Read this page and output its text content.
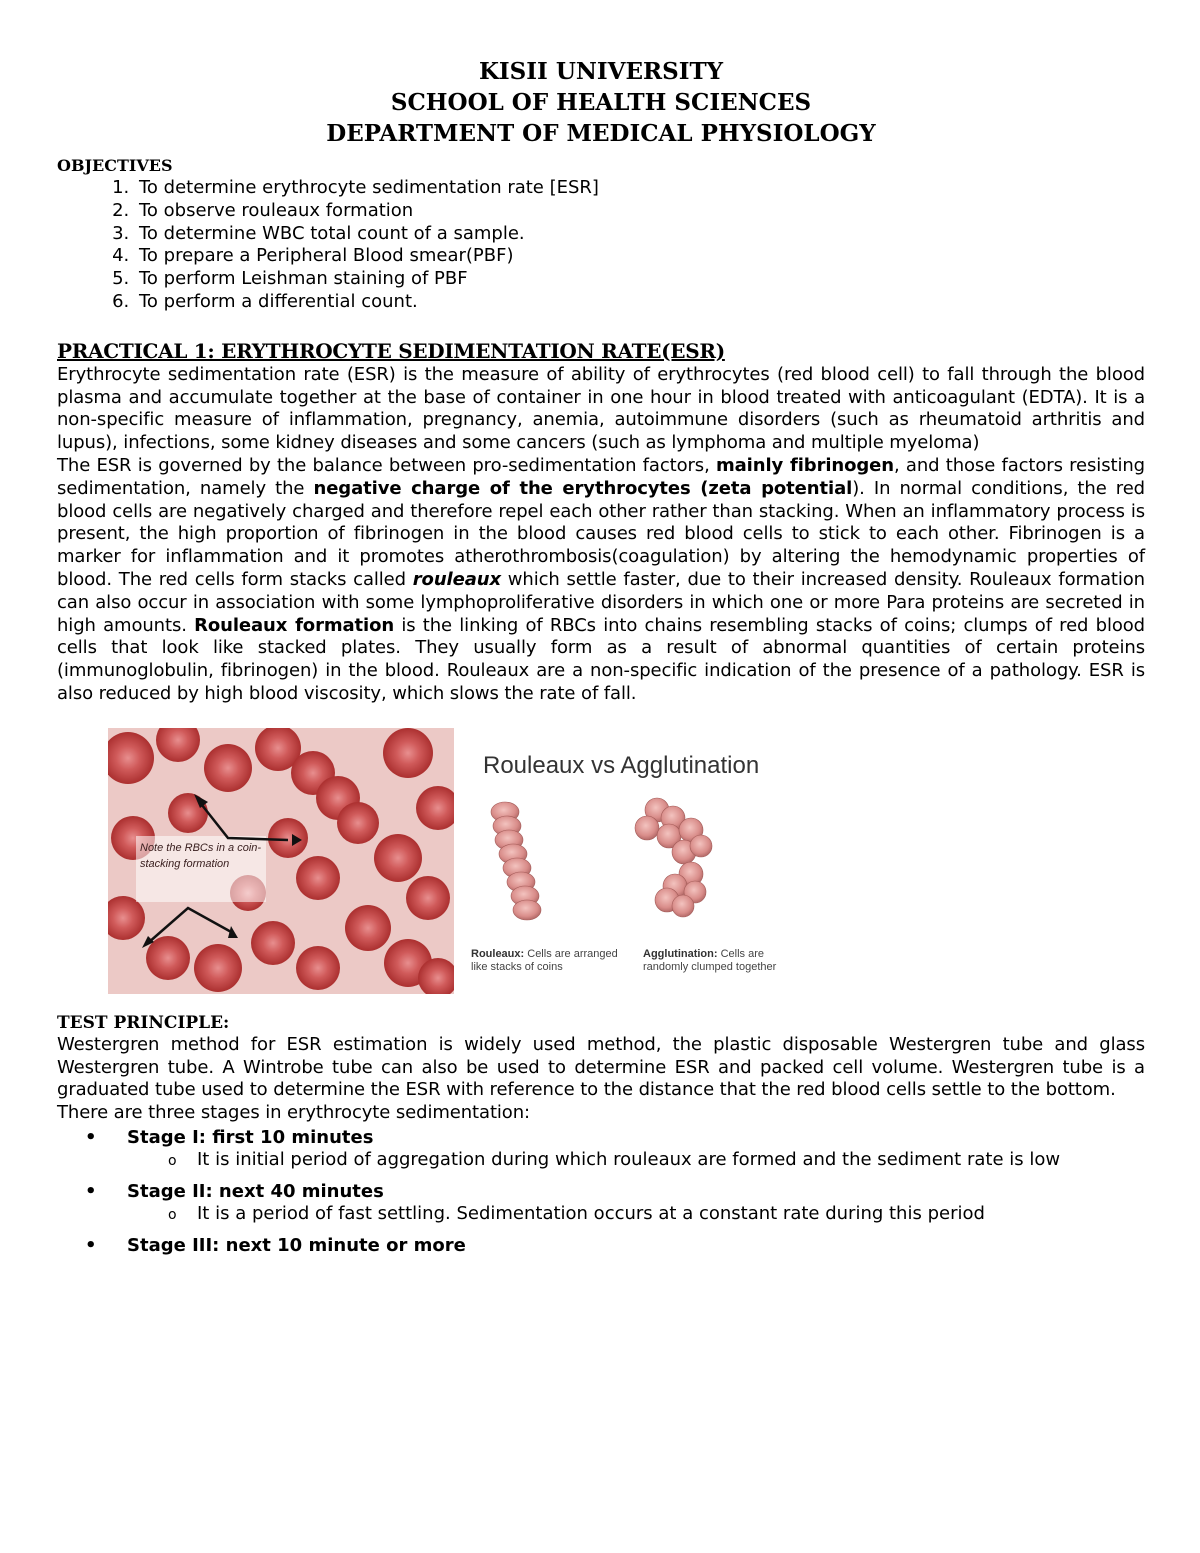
KISII UNIVERSITY
SCHOOL OF HEALTH SCIENCES
DEPARTMENT OF MEDICAL PHYSIOLOGY
OBJECTIVES
1. To determine erythrocyte sedimentation rate [ESR]
2. To observe rouleaux formation
3. To determine WBC total count of a sample.
4. To prepare a Peripheral Blood smear(PBF)
5. To perform Leishman staining of PBF
6. To perform a differential count.
PRACTICAL 1: ERYTHROCYTE SEDIMENTATION RATE(ESR)

Erythrocyte sedimentation rate (ESR) is the measure of ability of erythrocytes (red blood cell) to fall through the blood plasma and accumulate together at the base of container in one hour in blood treated with anticoagulant (EDTA). It is a non-specific measure of inflammation, pregnancy, anemia, autoimmune disorders (such as rheumatoid arthritis and lupus), infections, some kidney diseases and some cancers (such as lymphoma and multiple myeloma)

The ESR is governed by the balance between pro-sedimentation factors, mainly fibrinogen, and those factors resisting sedimentation, namely the negative charge of the erythrocytes (zeta potential). In normal conditions, the red blood cells are negatively charged and therefore repel each other rather than stacking. When an inflammatory process is present, the high proportion of fibrinogen in the blood causes red blood cells to stick to each other. Fibrinogen is a marker for inflammation and it promotes atherothrombosis(coagulation) by altering the hemodynamic properties of blood. The red cells form stacks called rouleaux which settle faster, due to their increased density. Rouleaux formation can also occur in association with some lymphoproliferative disorders in which one or more Para proteins are secreted in high amounts. Rouleaux formation is the linking of RBCs into chains resembling stacks of coins; clumps of red blood cells that look like stacked plates. They usually form as a result of abnormal quantities of certain proteins (immunoglobulin, fibrinogen) in the blood. Rouleaux are a non-specific indication of the presence of a pathology. ESR is also reduced by high blood viscosity, which slows the rate of fall.

Note the RBCs in a coin-stacking formation
Rouleaux vs Agglutination
Rouleaux: Cells are arranged like stacks of coins
Agglutination: Cells are randomly clumped together
TEST PRINCIPLE:

Westergren method for ESR estimation is widely used method, the plastic disposable Westergren tube and glass Westergren tube. A Wintrobe tube can also be used to determine ESR and packed cell volume. Westergren tube is a graduated tube used to determine the ESR with reference to the distance that the red blood cells settle to the bottom.

There are three stages in erythrocyte sedimentation:

• Stage I: first 10 minutes
o It is initial period of aggregation during which rouleaux are formed and the sediment rate is low
• Stage II: next 40 minutes
o It is a period of fast settling. Sedimentation occurs at a constant rate during this period
• Stage III: next 10 minute or more
